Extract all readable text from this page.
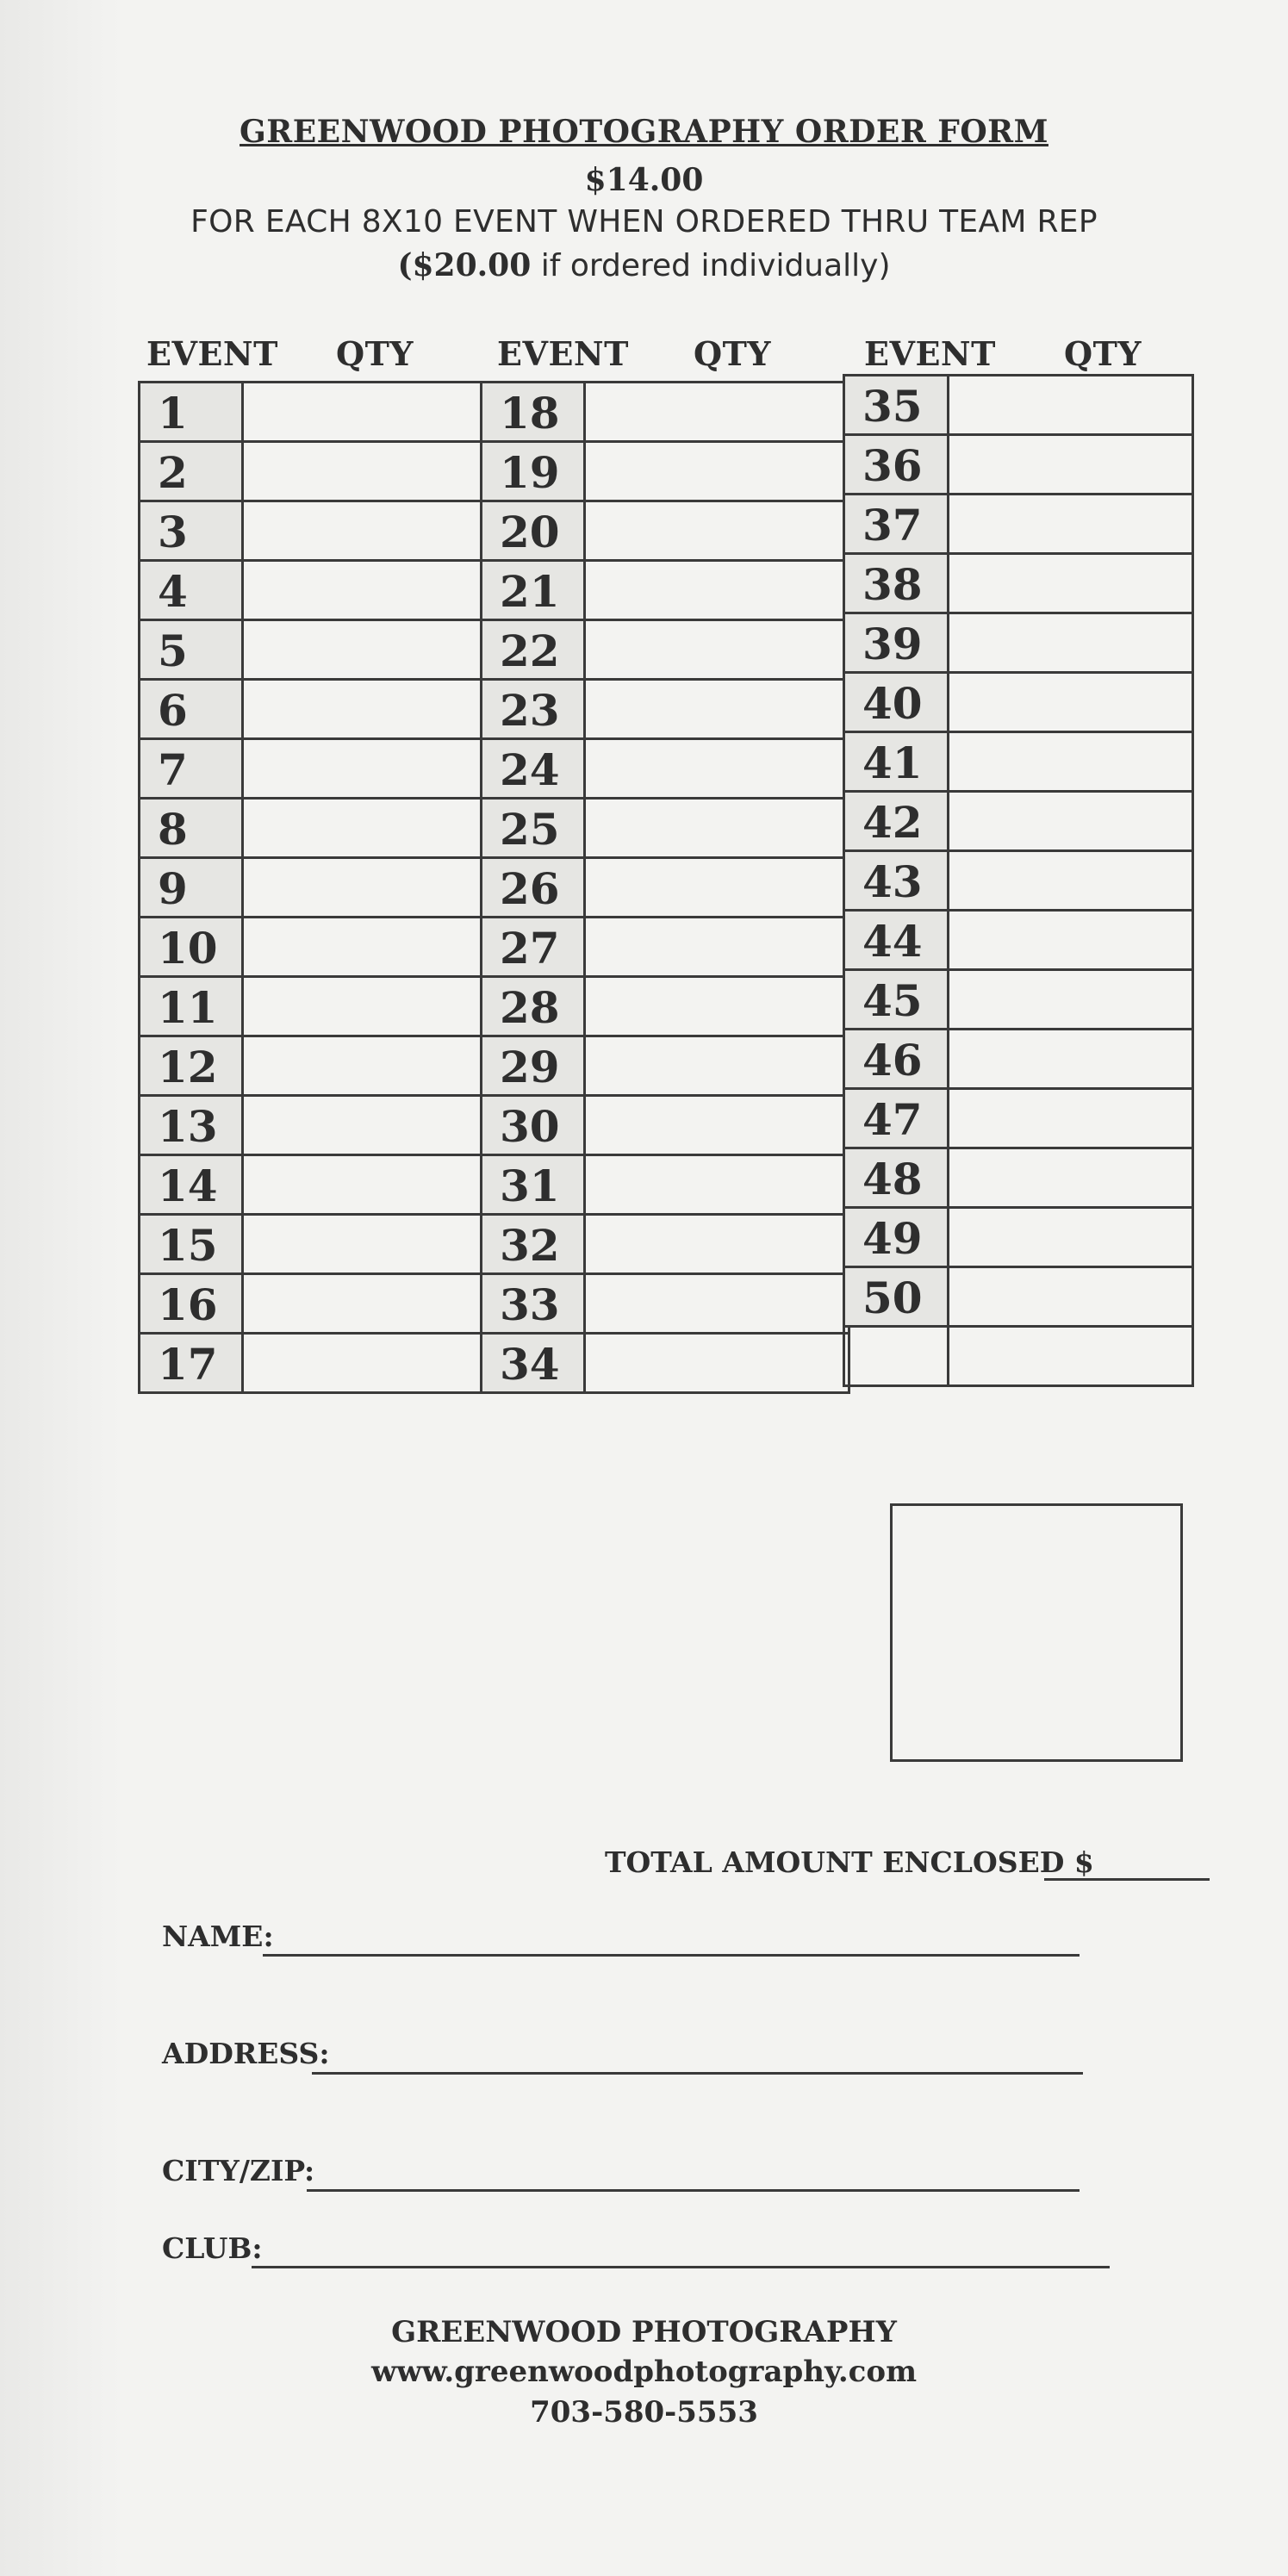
GREENWOOD PHOTOGRAPHY ORDER FORM
$14.00
FOR EACH 8X10 EVENT WHEN ORDERED THRU TEAM REP
($20.00 if ordered individually)
EVENT QTY	EVENT QTY	EVENT QTY
1
2
3
4
5
6
7
8
9
10
11
12
13
14
15
16
17
18
19
20
21
22
23
24
25
26
27
28
29
30
31
32
33
34
35
36
37
38
39
40
41
42
43
44
45
46
47
48
49
50
TOTAL AMOUNT ENCLOSED $
NAME:
ADDRESS:
CITY/ZIP:
CLUB:
GREENWOOD PHOTOGRAPHY
www.greenwoodphotography.com
703-580-5553
